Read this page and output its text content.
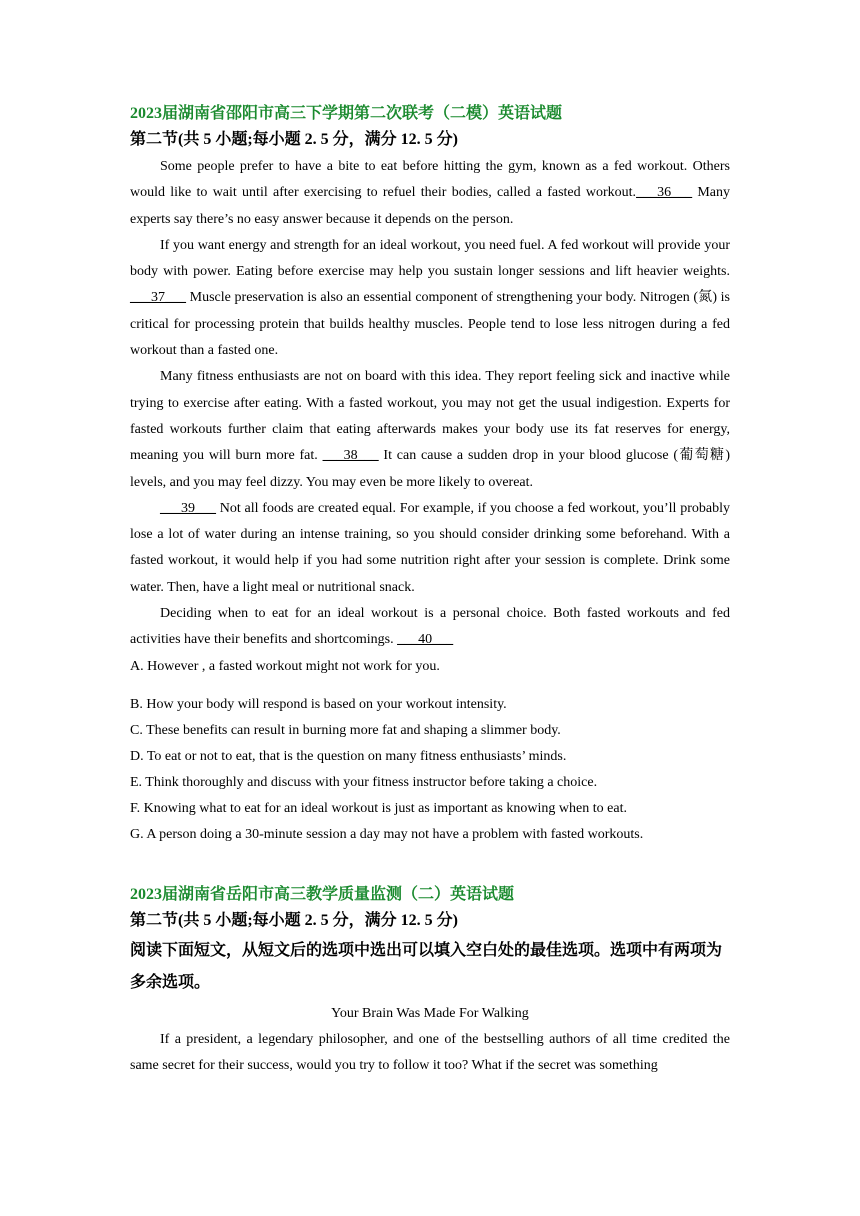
2023届湖南省邵阳市高三下学期第二次联考（二模）英语试题
第二节(共 5 小题;每小题 2. 5 分，满分 12. 5 分)

Some people prefer to have a bite to eat before hitting the gym, known as a fed workout. Others would like to wait until after exercising to refuel their bodies, called a fasted workout.___36___ Many experts say there’s no easy answer because it depends on the person.

If you want energy and strength for an ideal workout, you need fuel. A fed workout will provide your body with power. Eating before exercise may help you sustain longer sessions and lift heavier weights. ___37___ Muscle preservation is also an essential component of strengthening your body. Nitrogen (氮) is critical for processing protein that builds healthy muscles. People tend to lose less nitrogen during a fed workout than a fasted one.

Many fitness enthusiasts are not on board with this idea. They report feeling sick and inactive while trying to exercise after eating. With a fasted workout, you may not get the usual indigestion. Experts for fasted workouts further claim that eating afterwards makes your body use its fat reserves for energy, meaning you will burn more fat. ___38___ It can cause a sudden drop in your blood glucose (葡萄糖) levels, and you may feel dizzy. You may even be more likely to overeat.

___39___ Not all foods are created equal. For example, if you choose a fed workout, you’ll probably lose a lot of water during an intense training, so you should consider drinking some beforehand. With a fasted workout, it would help if you had some nutrition right after your session is complete. Drink some water. Then, have a light meal or nutritional snack.

Deciding when to eat for an ideal workout is a personal choice. Both fasted workouts and fed activities have their benefits and shortcomings. ___40___

A. However , a fasted workout might not work for you.

B. How your body will respond is based on your workout intensity.

C. These benefits can result in burning more fat and shaping a slimmer body.

D. To eat or not to eat, that is the question on many fitness enthusiasts’ minds.

E. Think thoroughly and discuss with your fitness instructor before taking a choice.

F. Knowing what to eat for an ideal workout is just as important as knowing when to eat.

G. A person doing a 30-minute session a day may not have a problem with fasted workouts.

2023届湖南省岳阳市高三教学质量监测（二）英语试题
第二节(共 5 小题;每小题 2. 5 分，满分 12. 5 分)

阅读下面短文，从短文后的选项中选出可以填入空白处的最佳选项。选项中有两项为多余选项。

Your Brain Was Made For Walking

If a president, a legendary philosopher, and one of the bestselling authors of all time credited the same secret for their success, would you try to follow it too? What if the secret was something
